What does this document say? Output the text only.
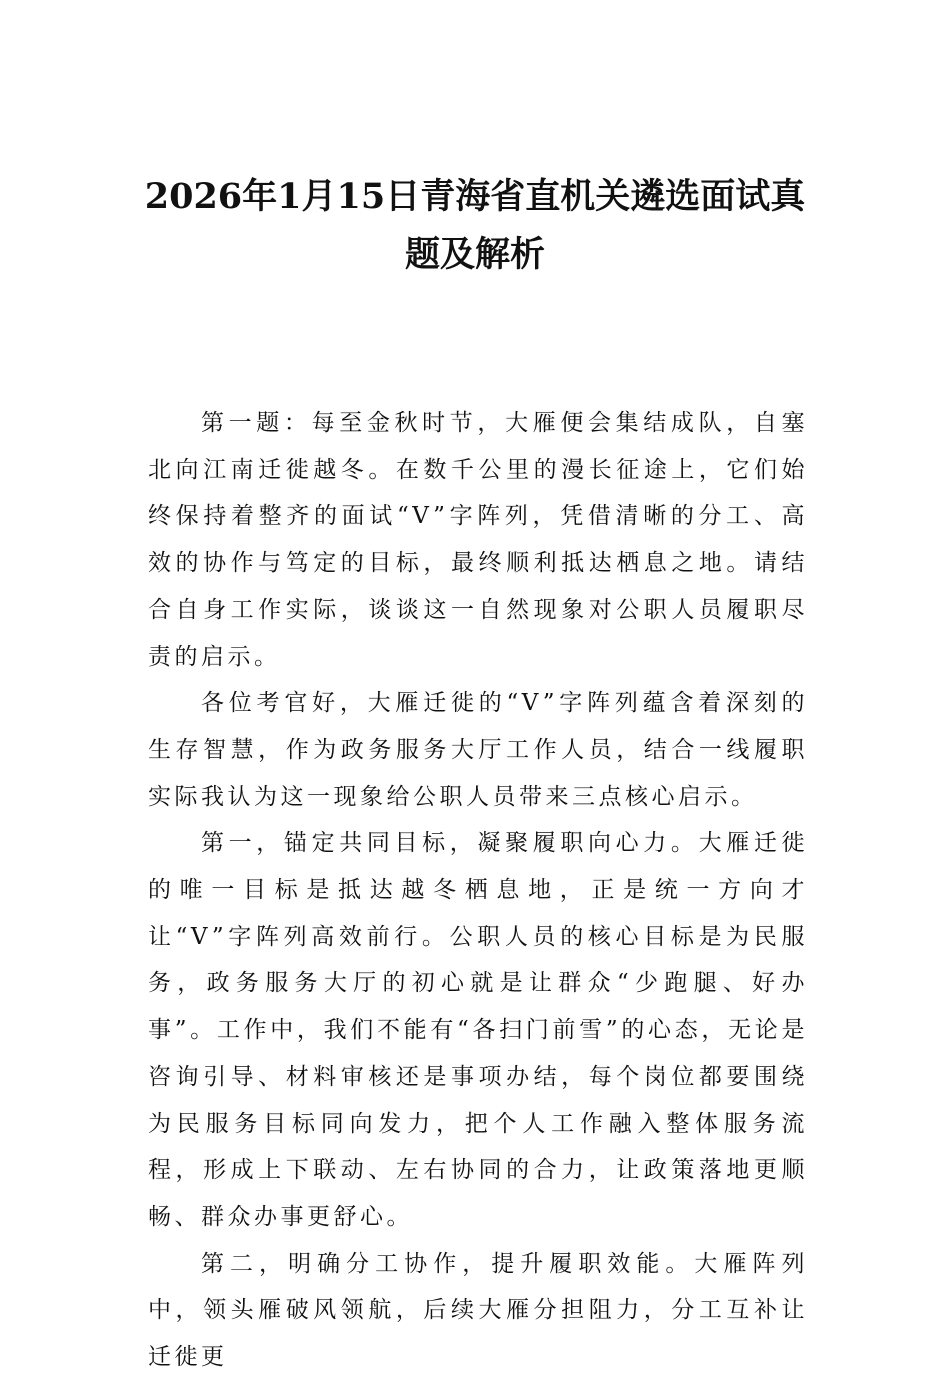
2026年1月15日青海省直机关遴选面试真
题及解析

第一题：每至金秋时节，大雁便会集结成队，自塞北向江南迁徙越冬。在数千公里的漫长征途上，它们始终保持着整齐的面试“V”字阵列，凭借清晰的分工、高效的协作与笃定的目标，最终顺利抵达栖息之地。请结合自身工作实际，谈谈这一自然现象对公职人员履职尽责的启示。

各位考官好，大雁迁徙的“V”字阵列蕴含着深刻的生存智慧，作为政务服务大厅工作人员，结合一线履职实际我认为这一现象给公职人员带来三点核心启示。

第一，锚定共同目标，凝聚履职向心力。大雁迁徙的唯一目标是抵达越冬栖息地，正是统一方向才让“V”字阵列高效前行。公职人员的核心目标是为民服务，政务服务大厅的初心就是让群众“少跑腿、好办事”。工作中，我们不能有“各扫门前雪”的心态，无论是咨询引导、材料审核还是事项办结，每个岗位都要围绕为民服务目标同向发力，把个人工作融入整体服务流程，形成上下联动、左右协同的合力，让政策落地更顺畅、群众办事更舒心。

第二，明确分工协作，提升履职效能。大雁阵列中，领头雁破风领航，后续大雁分担阻力，分工互补让迁徙更
